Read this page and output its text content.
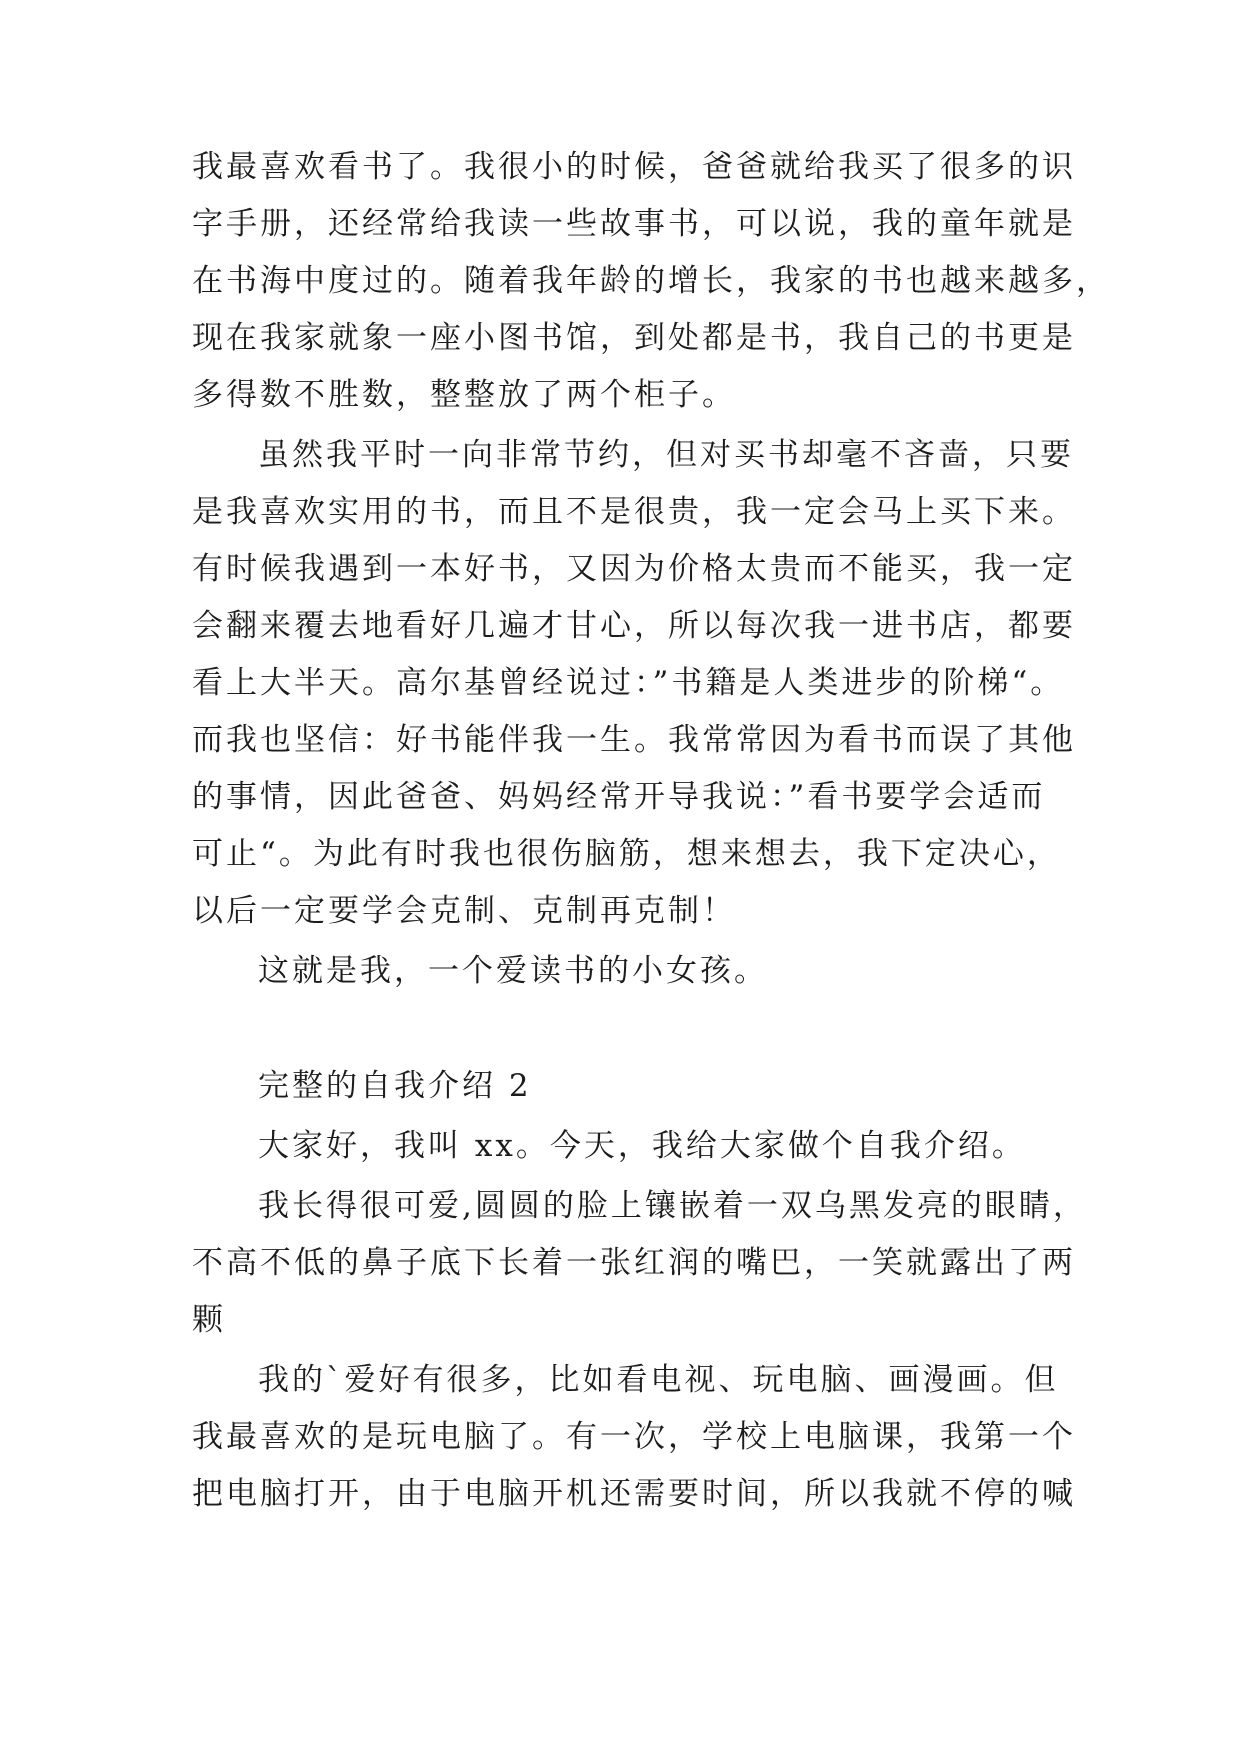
我最喜欢看书了。我很小的时候，爸爸就给我买了很多的识
字手册，还经常给我读一些故事书，可以说，我的童年就是
在书海中度过的。随着我年龄的增长，我家的书也越来越多，
现在我家就象一座小图书馆，到处都是书，我自己的书更是
多得数不胜数，整整放了两个柜子。
虽然我平时一向非常节约，但对买书却毫不吝啬，只要
是我喜欢实用的书，而且不是很贵，我一定会马上买下来。
有时候我遇到一本好书，又因为价格太贵而不能买，我一定
会翻来覆去地看好几遍才甘心，所以每次我一进书店，都要
看上大半天。高尔基曾经说过：”书籍是人类进步的阶梯“。
而我也坚信：好书能伴我一生。我常常因为看书而误了其他
的事情，因此爸爸、妈妈经常开导我说：”看书要学会适而
可止“。为此有时我也很伤脑筋，想来想去，我下定决心，
以后一定要学会克制、克制再克制！
这就是我，一个爱读书的小女孩。
完整的自我介绍 2
大家好，我叫 xx。今天，我给大家做个自我介绍。
我长得很可爱,圆圆的脸上镶嵌着一双乌黑发亮的眼睛，
不高不低的鼻子底下长着一张红润的嘴巴，一笑就露出了两
颗
我的`爱好有很多，比如看电视、玩电脑、画漫画。但
我最喜欢的是玩电脑了。有一次，学校上电脑课，我第一个
把电脑打开，由于电脑开机还需要时间，所以我就不停的喊
